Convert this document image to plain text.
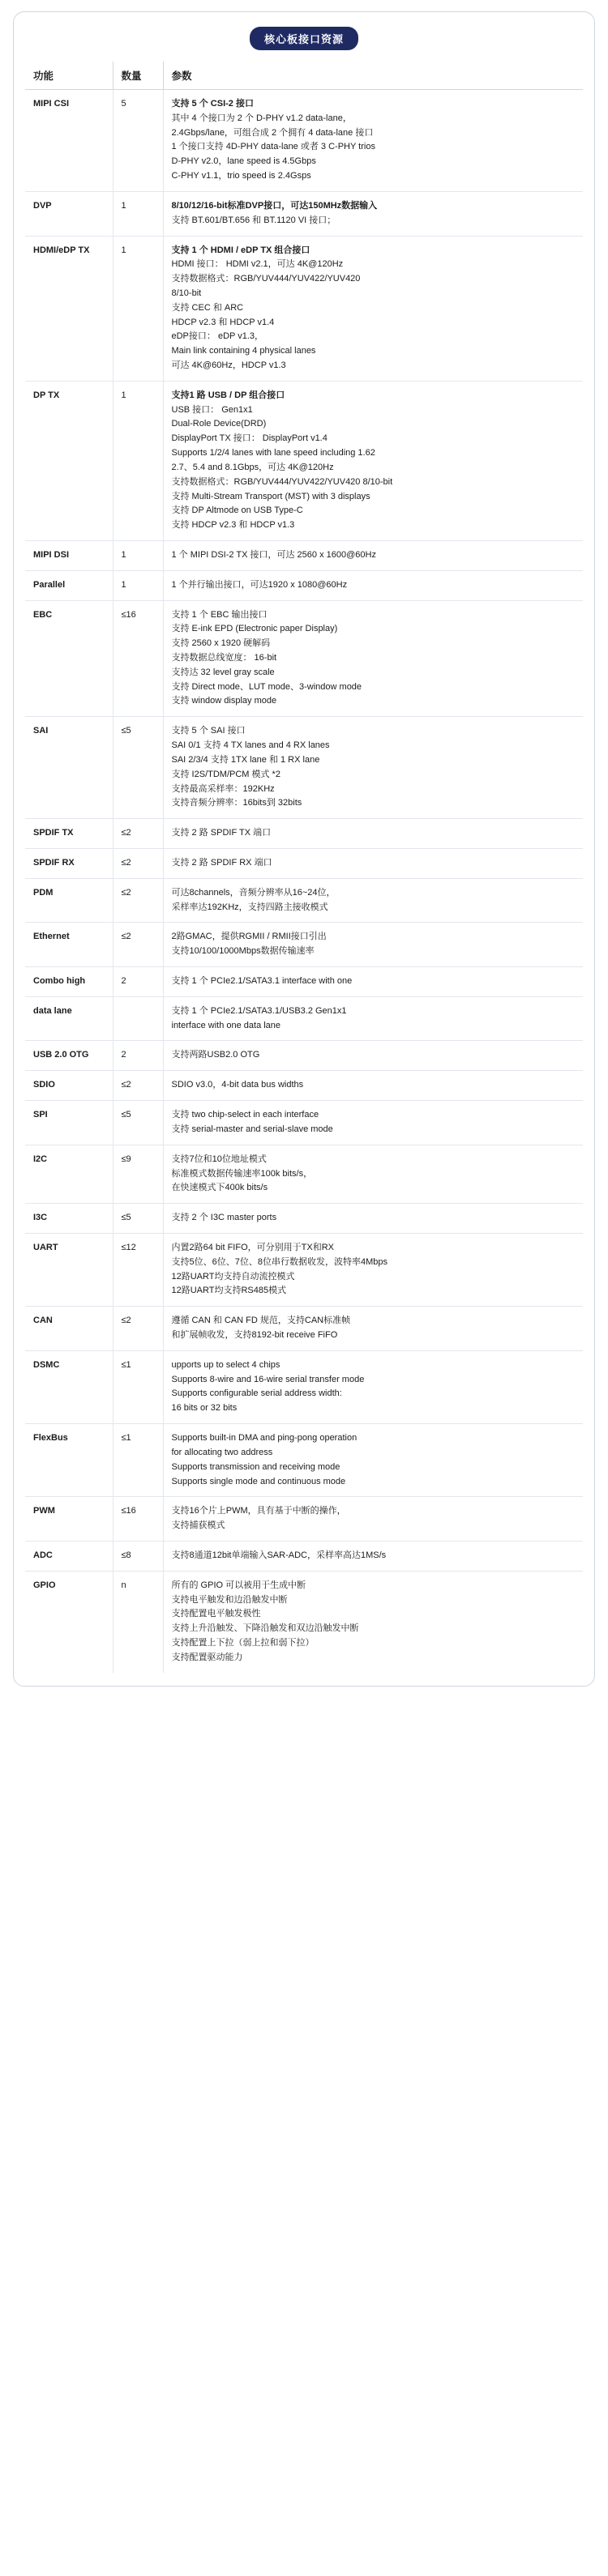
核心板接口资源
功能	数量	参数
MIPI CSI	5	支持 5 个 CSI-2 接口
其中 4 个接口为 2 个 D-PHY v1.2 data-lane，
2.4Gbps/lane，可组合成 2 个拥有 4 data-lane 接口
1 个接口支持 4D-PHY data-lane 或者 3 C-PHY trios
D-PHY v2.0，lane speed is 4.5Gbps
C-PHY v1.1，trio speed is 2.4Gsps

DVP	1	8/10/12/16-bit标准DVP接口，可达150MHz数据输入
支持 BT.601/BT.656 和 BT.1120 VI 接口；

HDMI/eDP TX	1	支持 1 个 HDMI / eDP TX 组合接口
HDMI 接口： HDMI v2.1，可达 4K@120Hz
支持数据格式：RGB/YUV444/YUV422/YUV420
8/10-bit
支持 CEC 和 ARC
HDCP v2.3 和 HDCP v1.4
eDP接口： eDP v1.3，
Main link containing 4 physical lanes
可达 4K@60Hz，HDCP v1.3

DP TX	1	支持1 路 USB / DP 组合接口
USB 接口： Gen1x1
Dual-Role Device(DRD)
DisplayPort TX 接口： DisplayPort v1.4
Supports 1/2/4 lanes with lane speed including 1.62
2.7、5.4 and 8.1Gbps，可达 4K@120Hz
支持数据格式：RGB/YUV444/YUV422/YUV420 8/10-bit
支持 Multi-Stream Transport (MST) with 3 displays
支持 DP Altmode on USB Type-C
支持 HDCP v2.3 和 HDCP v1.3

MIPI DSI	1	1 个 MIPI DSI-2 TX 接口，可达 2560 x 1600@60Hz

Parallel	1	1 个并行输出接口，可达1920 x 1080@60Hz

EBC	≤16	支持 1 个 EBC 输出接口
支持 E-ink EPD (Electronic paper Display)
支持 2560 x 1920 硬解码
支持数据总线宽度： 16-bit
支持达 32 level gray scale
支持 Direct mode、LUT mode、3-window mode
支持 window display mode

SAI	≤5	支持 5 个 SAI 接口
SAI 0/1 支持 4 TX lanes and 4 RX lanes
SAI 2/3/4 支持 1TX lane 和 1 RX lane
支持 I2S/TDM/PCM 模式 *2
支持最高采样率：192KHz
支持音频分辨率：16bits到 32bits

SPDIF TX	≤2	支持 2 路 SPDIF TX 端口

SPDIF RX	≤2	支持 2 路 SPDIF RX 端口

PDM	≤2	可达8channels，音频分辨率从16~24位，
采样率达192KHz，支持四路主接收模式

Ethernet	≤2	2路GMAC，提供RGMII / RMII接口引出
支持10/100/1000Mbps数据传输速率

Combo high	2	支持 1 个 PCIe2.1/SATA3.1 interface with one

data lane		支持 1 个 PCIe2.1/SATA3.1/USB3.2 Gen1x1
interface with one data lane

USB 2.0 OTG	2	支持两路USB2.0 OTG

SDIO	≤2	SDIO v3.0，4-bit data bus widths

SPI	≤5	支持 two chip-select in each interface
支持 serial-master and serial-slave mode

I2C	≤9	支持7位和10位地址模式
标准模式数据传输速率100k bits/s，
在快速模式下400k bits/s

I3C	≤5	支持 2 个 I3C master ports

UART	≤12	内置2路64 bit FIFO，可分别用于TX和RX
支持5位、6位、7位、8位串行数据收发，波特率4Mbps
12路UART均支持自动流控模式
12路UART均支持RS485模式

CAN	≤2	遵循 CAN 和 CAN FD 规范，支持CAN标准帧
和扩展帧收发，支持8192-bit receive FiFO

DSMC	≤1	upports up to select 4 chips
Supports 8-wire and 16-wire serial transfer mode
Supports configurable serial address width:
16 bits or 32 bits

FlexBus	≤1	Supports built-in DMA and ping-pong operation
for allocating two address
Supports transmission and receiving mode
Supports single mode and continuous mode

PWM	≤16	支持16个片上PWM，具有基于中断的操作，
支持捕获模式

ADC	≤8	支持8通道12bit单端输入SAR-ADC，采样率高达1MS/s

GPIO	n	所有的 GPIO 可以被用于生成中断
支持电平触发和边沿触发中断
支持配置电平触发极性
支持上升沿触发、下降沿触发和双边沿触发中断
支持配置上下拉（弱上拉和弱下拉）
支持配置驱动能力
